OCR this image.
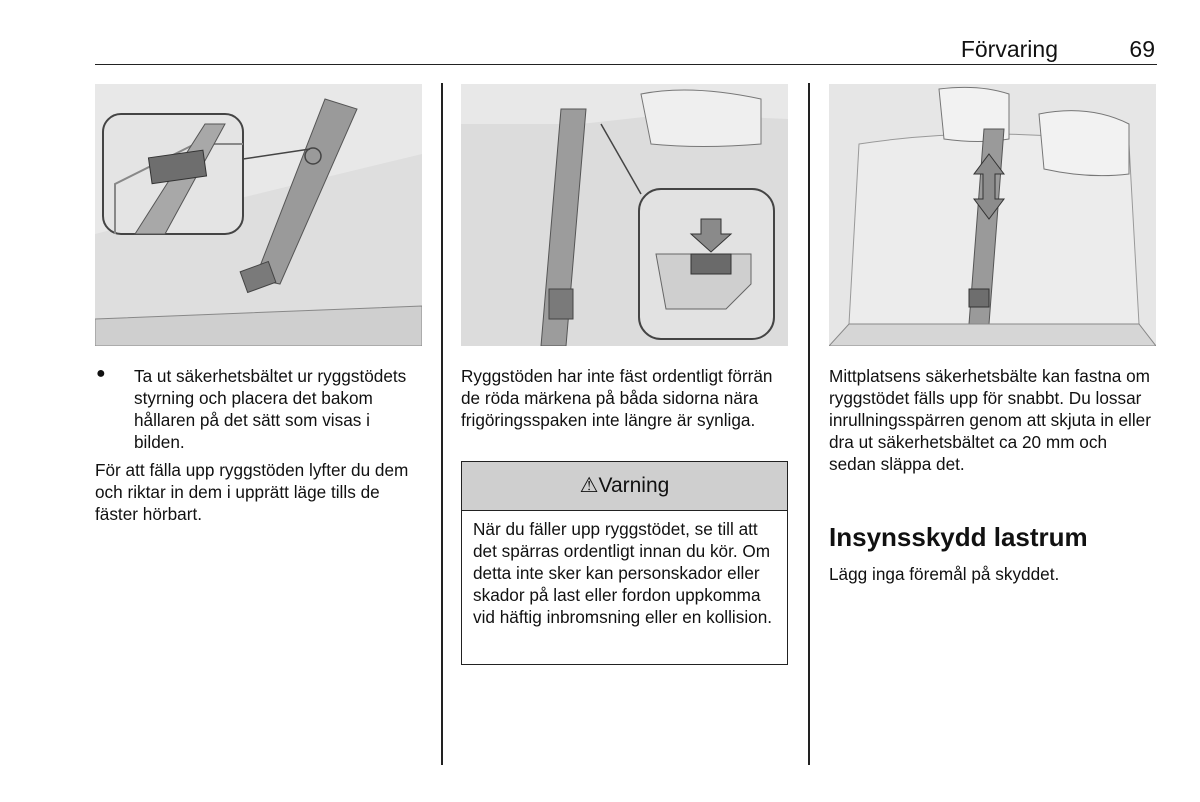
Förvaring	69
● Ta ut säkerhetsbältet ur ryggstödets styrning och placera det bakom hållaren på det sätt som visas i bilden.
För att fälla upp ryggstöden lyfter du dem och riktar in dem i upprätt läge tills de fäster hörbart.
Ryggstöden har inte fäst ordentligt förrän de röda märkena på båda sidorna nära frigöringsspaken inte längre är synliga.
⚠Varning
När du fäller upp ryggstödet, se till att det spärras ordentligt innan du kör. Om detta inte sker kan personskador eller skador på last eller fordon uppkomma vid häftig inbromsning eller en kollision.
Mittplatsens säkerhetsbälte kan fastna om ryggstödet fälls upp för snabbt. Du lossar inrullningsspärren genom att skjuta in eller dra ut säkerhetsbältet ca 20 mm och sedan släppa det.
Insynsskydd lastrum
Lägg inga föremål på skyddet.
